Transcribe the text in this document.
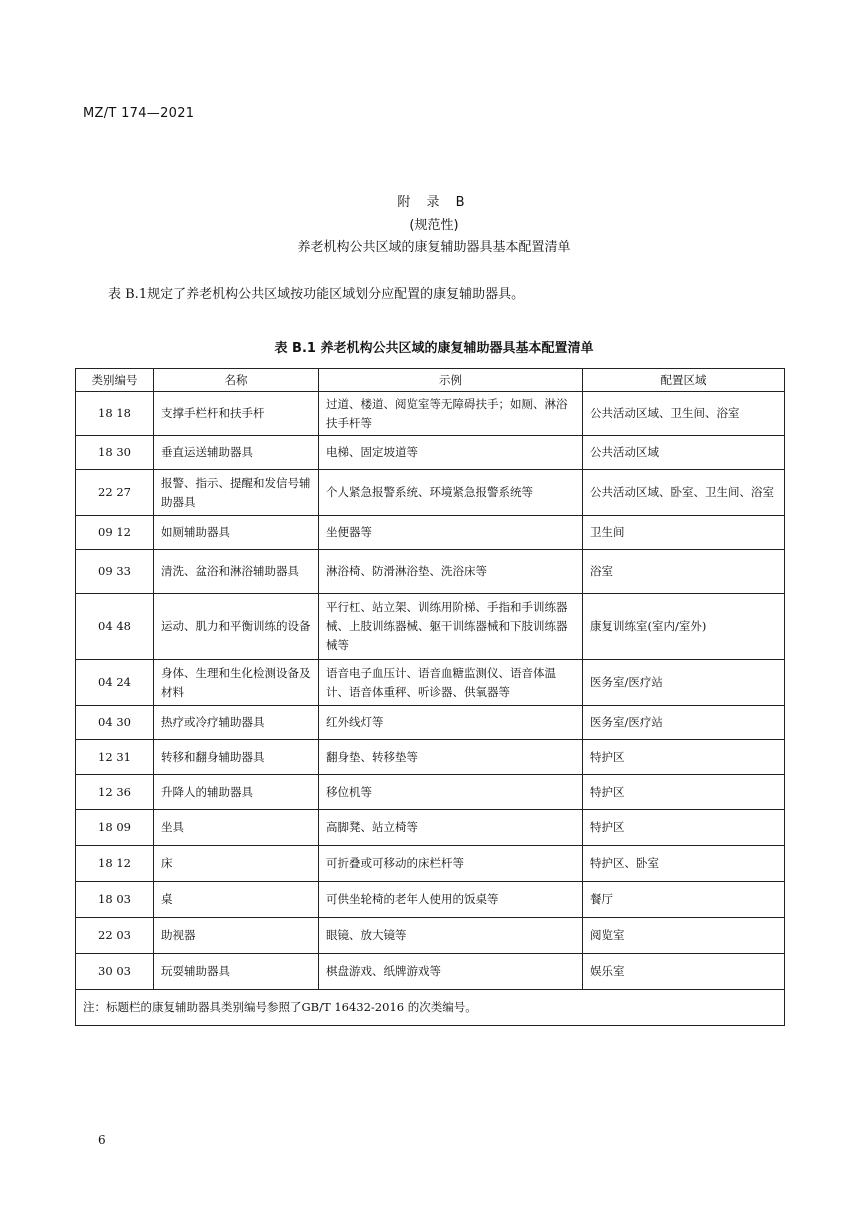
MZ/T 174—2021
附 录 B
(规范性)
养老机构公共区域的康复辅助器具基本配置清单
表 B.1规定了养老机构公共区域按功能区域划分应配置的康复辅助器具。
表 B.1 养老机构公共区域的康复辅助器具基本配置清单
类别编号	名称	示例	配置区域
18 18	支撑手栏杆和扶手杆	过道、楼道、阅览室等无障碍扶手；如厕、淋浴扶手杆等	公共活动区域、卫生间、浴室
18 30	垂直运送辅助器具	电梯、固定坡道等	公共活动区域
22 27	报警、指示、提醒和发信号辅助器具	个人紧急报警系统、环境紧急报警系统等	公共活动区域、卧室、卫生间、浴室
09 12	如厕辅助器具	坐便器等	卫生间
09 33	清洗、盆浴和淋浴辅助器具	淋浴椅、防滑淋浴垫、洗浴床等	浴室
04 48	运动、肌力和平衡训练的设备	平行杠、站立架、训练用阶梯、手指和手训练器械、上肢训练器械、躯干训练器械和下肢训练器械等	康复训练室(室内/室外)
04 24	身体、生理和生化检测设备及材料	语音电子血压计、语音血糖监测仪、语音体温计、语音体重秤、听诊器、供氧器等	医务室/医疗站
04 30	热疗或冷疗辅助器具	红外线灯等	医务室/医疗站
12 31	转移和翻身辅助器具	翻身垫、转移垫等	特护区
12 36	升降人的辅助器具	移位机等	特护区
18 09	坐具	高脚凳、站立椅等	特护区
18 12	床	可折叠或可移动的床栏杆等	特护区、卧室
18 03	桌	可供坐轮椅的老年人使用的饭桌等	餐厅
22 03	助视器	眼镜、放大镜等	阅览室
30 03	玩耍辅助器具	棋盘游戏、纸牌游戏等	娱乐室
注：标题栏的康复辅助器具类别编号参照了GB/T 16432-2016 的次类编号。			
6
